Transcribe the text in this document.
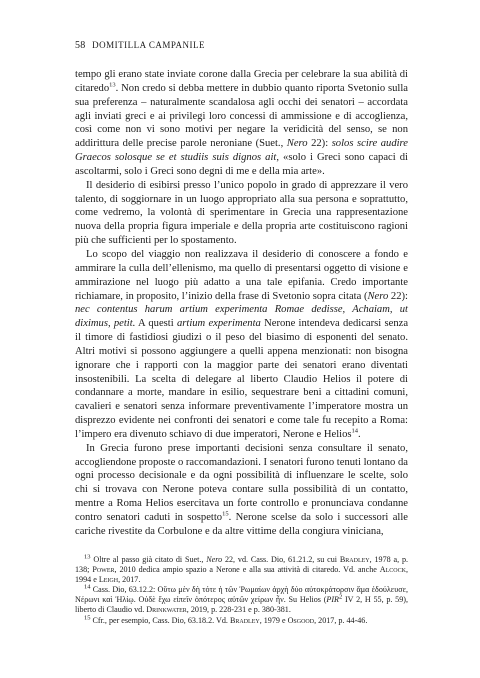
58 DOMITILLA CAMPANILE

tempo gli erano state inviate corone dalla Grecia per celebrare la sua abilità di citaredo$^{13}$. Non credo si debba mettere in dubbio quanto riporta Svetonio sulla sua preferenza – naturalmente scandalosa agli occhi dei senatori – accordata agli inviati greci e ai privilegi loro concessi di ammissione e di accoglienza, così come non vi sono motivi per negare la veridicità del senso, se non addirittura delle precise parole neroniane (Suet., Nero 22): solos scire audire Graecos solosque se et studiis suis dignos ait, «solo i Greci sono capaci di ascoltarmi, solo i Greci sono degni di me e della mia arte».

Il desiderio di esibirsi presso l’unico popolo in grado di apprezzare il vero talento, di soggiornare in un luogo appropriato alla sua persona e soprattutto, come vedremo, la volontà di sperimentare in Grecia una rappresentazione nuova della propria figura imperiale e della propria arte costituiscono ragioni più che sufficienti per lo spostamento.

Lo scopo del viaggio non realizzava il desiderio di conoscere a fondo e ammirare la culla dell’ellenismo, ma quello di presentarsi oggetto di visione e ammirazione nel luogo più adatto a una tale epifania. Credo importante richiamare, in proposito, l’inizio della frase di Svetonio sopra citata (Nero 22): nec contentus harum artium experimenta Romae dedisse, Achaiam, ut diximus, petit. A questi artium experimenta Nerone intendeva dedicarsi senza il timore di fastidiosi giudizi o il peso del biasimo di esponenti del senato. Altri motivi si possono aggiungere a quelli appena menzionati: non bisogna ignorare che i rapporti con la maggior parte dei senatori erano diventati insostenibili. La scelta di delegare al liberto Claudio Helios il potere di condannare a morte, mandare in esilio, sequestrare beni a cittadini comuni, cavalieri e senatori senza informare preventivamente l’imperatore mostra un disprezzo evidente nei confronti dei senatori e come tale fu recepito a Roma: l’impero era divenuto schiavo di due imperatori, Nerone e Helios$^{14}$.

In Grecia furono prese importanti decisioni senza consultare il senato, accogliendone proposte o raccomandazioni. I senatori furono tenuti lontano da ogni processo decisionale e da ogni possibilità di influenzare le scelte, solo chi si trovava con Nerone poteva contare sulla possibilità di un contatto, mentre a Roma Helios esercitava un forte controllo e pronunciava condanne contro senatori caduti in sospetto$^{15}$. Nerone scelse da solo i successori alle cariche rivestite da Corbulone e da altre vittime della congiura viniciana,

$^{13}$ Oltre al passo già citato di Suet., Nero 22, vd. Cass. Dio, 61.21.2, su cui Bradley, 1978 a, p. 138; Power, 2010 dedica ampio spazio a Nerone e alla sua attività di citaredo. Vd. anche Alcock, 1994 e Leigh, 2017.

$^{14}$ Cass. Dio, 63.12.2: Οὕτω μὲν δὴ τότε ἡ τῶν Ῥωμαίων ἀρχὴ δύο αὐτοκράτορσιν ἅμα ἐδούλευσε, Νέρωνι καὶ Ἡλίῳ. Οὐδὲ ἔχω εἰπεῖν ὁπότερος αὐτῶν χείρων ἦν. Su Helios (PIR$^2$ IV 2, H 55, p. 59), liberto di Claudio vd. Drinkwater, 2019, p. 228-231 e p. 380-381.

$^{15}$ Cfr., per esempio, Cass. Dio, 63.18.2. Vd. Bradley, 1979 e Osgood, 2017, p. 44-46.
